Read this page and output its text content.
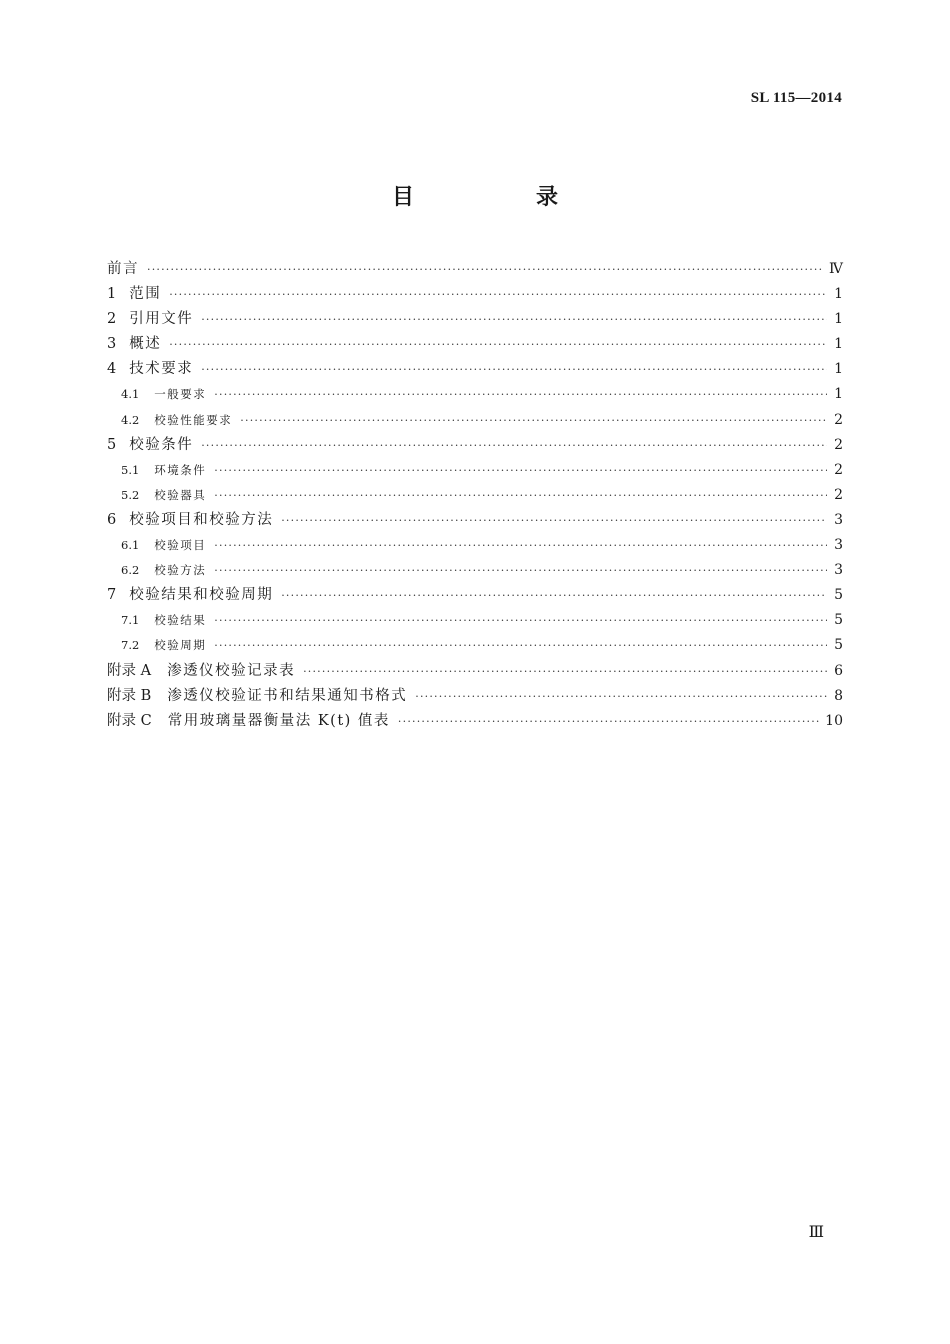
SL 115—2014
目　录
前言 ·····	Ⅳ
1 范围 ·····	1
2 引用文件 ·····	1
3 概述 ·····	1
4 技术要求 ·····	1
4.1 一般要求 ·····	1
4.2 校验性能要求 ·····	2
5 校验条件 ·····	2
5.1 环境条件 ·····	2
5.2 校验器具 ·····	2
6 校验项目和校验方法 ·····	3
6.1 校验项目 ·····	3
6.2 校验方法 ·····	3
7 校验结果和校验周期 ·····	5
7.1 校验结果 ·····	5
7.2 校验周期 ·····	5
附录 A 渗透仪校验记录表 ·····	6
附录 B 渗透仪校验证书和结果通知书格式 ·····	8
附录 C 常用玻璃量器衡量法 K(t) 值表 ·····	10
Ⅲ
